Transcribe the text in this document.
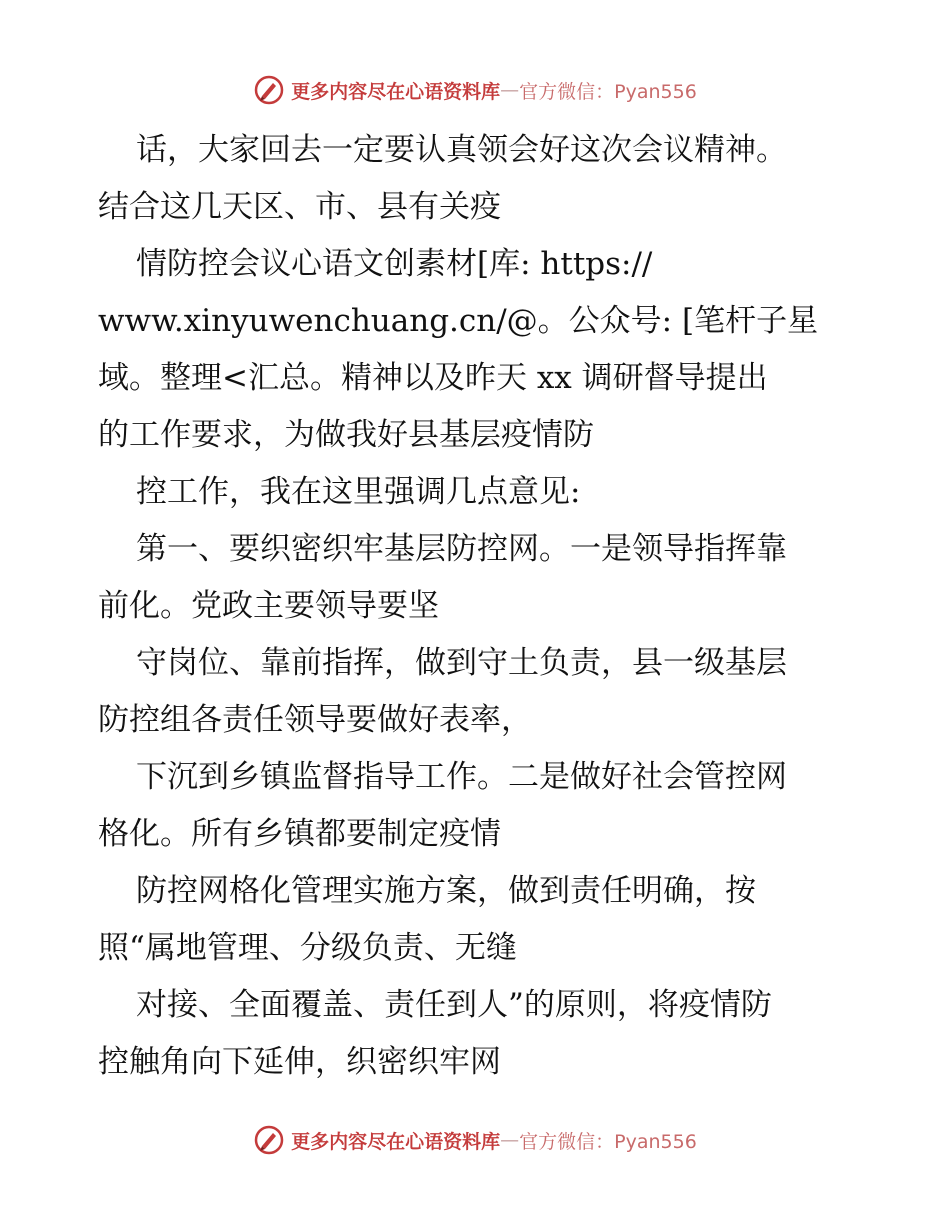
更多内容尽在心语资料库 — 官方微信：Pyan556
话，大家回去一定要认真领会好这次会议精神。
结合这几天区、市、县有关疫
情防控会议心语文创素材[库: https://
www.xinyuwenchuang.cn/@。公众号: [笔杆子星
域。整理<汇总。精神以及昨天 xx 调研督导提出
的工作要求，为做我好县基层疫情防
控工作，我在这里强调几点意见:
第一、要织密织牢基层防控网。一是领导指挥靠
前化。党政主要领导要坚
守岗位、靠前指挥，做到守土负责，县一级基层
防控组各责任领导要做好表率，
下沉到乡镇监督指导工作。二是做好社会管控网
格化。所有乡镇都要制定疫情
防控网格化管理实施方案，做到责任明确，按
照“属地管理、分级负责、无缝
对接、全面覆盖、责任到人”的原则，将疫情防
控触角向下延伸，织密织牢网
更多内容尽在心语资料库 — 官方微信：Pyan556
